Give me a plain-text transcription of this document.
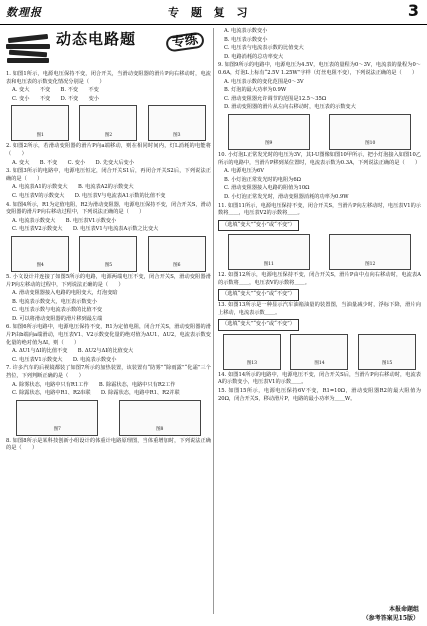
数理报	专 题 复 习	3
动态电路题	专练
1. 如图1所示，电源电压保持不变，闭合开关，当滑动变阻器的滑片P向右移动时，电流表和电压表的示数变化情况分别是（　　）
A. 变大　　不变　　B. 不变　　不变
C. 变小　　不变　　D. 不变　　变小
图1	图2	图3
2. 如图2所示，若滑动变阻器的滑片P向a端移动，则在相同时间内，灯L消耗的电能将（　　）
A. 变大　　B. 不变　　C. 变小　　D. 先变大后变小
3. 如图3所示的电路中，电源电压恒定，闭合开关S1后，再闭合开关S2后，下列说法正确的是（　　）
A. 电流表A1的示数变大　　B. 电流表A2的示数变大
C. 电压表V的示数变大　　D. 电压表V与电流表A1示数的比值不变
4. 如图4所示，R1为定值电阻，R2为滑动变阻器，电源电压保持不变，闭合开关S，滑动变阻器的滑片P向右移动过程中，下列说法正确的是（　　）
A. 电流表示数变大　　B. 电压表V1示数变小
C. 电压表V2示数变大　　D. 电压表V1与电流表A示数之比变大
图4	图5	图6
5. 小文设计并连接了如图5所示的电路，电源两端电压不变，闭合开关S，滑动变阻器滑片P向左移动的过程中，下列说法正确的是（　　）
A. 滑动变阻器接入电路的电阻变大，灯泡变暗
B. 电流表示数变大，电压表示数变小
C. 电压表示数与电流表示数的比值不变
D. 可以将滑动变阻器的滑片移到最左端
6. 如图6所示电路中，电源电压保持不变，R1为定值电阻，闭合开关S，滑动变阻器的滑片P由b端向a端滑动，电压表V1、V2示数变化量的绝对值为ΔU1、ΔU2，电流表示数变化量的绝对值为ΔI，则（　　）
A. ΔU1与ΔI的比值不变　　B. ΔU2与ΔI的比值变大
C. 电压表V1示数变大　　D. 电流表示数变小
7. 许多汽车的后视镜都装了如图7所示的加热装置，该装置有“防雾”“除雨露”“化霜”三个挡位，下列判断正确的是（　　）
A. 除雾状态，电路中只有R1工作　　B. 除霜状态，电路中只有R2工作
C. 除露状态，电路中R1、R2串联　　D. 除霜状态，电路中R1、R2并联
图7	图8
8. 如图8所示是某科技创新小组设计的体重计电路原理图，当体重增加时，下列说法正确的是（　　）
A. 电流表示数变小
B. 电压表示数变小
C. 电压表与电流表示数的比值变大
D. 电路消耗的总功率变大
9. 如图9所示的电路中，电源电压为4.5V，电压表的量程为0～3V，电流表的量程为0～0.6A，灯泡L上标有“2.5V 1.25W”字样（灯丝电阻不变），下列说法正确的是（　　）
A. 电压表示数的变化范围是0～3V
B. 灯泡的最大功率为0.9W
C. 滑动变阻器允许调节的范围是12.5～35Ω
D. 滑动变阻器的滑片从左向右移动时，电压表的示数变大
图9	图10
10. 小灯泡L正常发光时的电压为3V，其I-U图像如图10甲所示，把小灯泡接入如图10乙所示的电路中，当滑片P移到某位置时，电流表示数为0.3A，下列说法正确的是（　　）
A. 电源电压为6V
B. 小灯泡正常发光时的电阻为6Ω
C. 滑动变阻器接入电路的阻值为10Ω
D. 小灯泡正常发光时，滑动变阻器消耗的功率为0.9W
11. 如图11所示，电源电压保持不变，闭合开关S，当滑片P向左移动时，电压表V1的示数将＿＿，电压表V2的示数将＿＿。
（选填“变大”“变小”或“不变”）
图11	图12
12. 如图12所示，电源电压保持不变，闭合开关S，滑片P由中点向右移动时，电流表A的示数将＿＿，电压表V的示数将＿＿。
（选填“变大”“变小”或“不变”）
13. 如图13所示是一种显示汽车油箱油量的装置图，当油量减少时，浮标下降，滑片向上移动，电流表示数＿＿。
（选填“变大”“变小”或“不变”）
图13	图14	图15
14. 如图14所示的电路中，电源电压不变，闭合开关S后，当滑片P向右移动时，电流表A的示数变小，电压表V1的示数＿＿。
15. 如图15所示，电源电压保持6V不变，R1=10Ω，滑动变阻器R2的最大阻值为20Ω，闭合开关S，移动滑片P，电路的最小功率为＿＿W。
本报命题组
（参考答案见15版）
